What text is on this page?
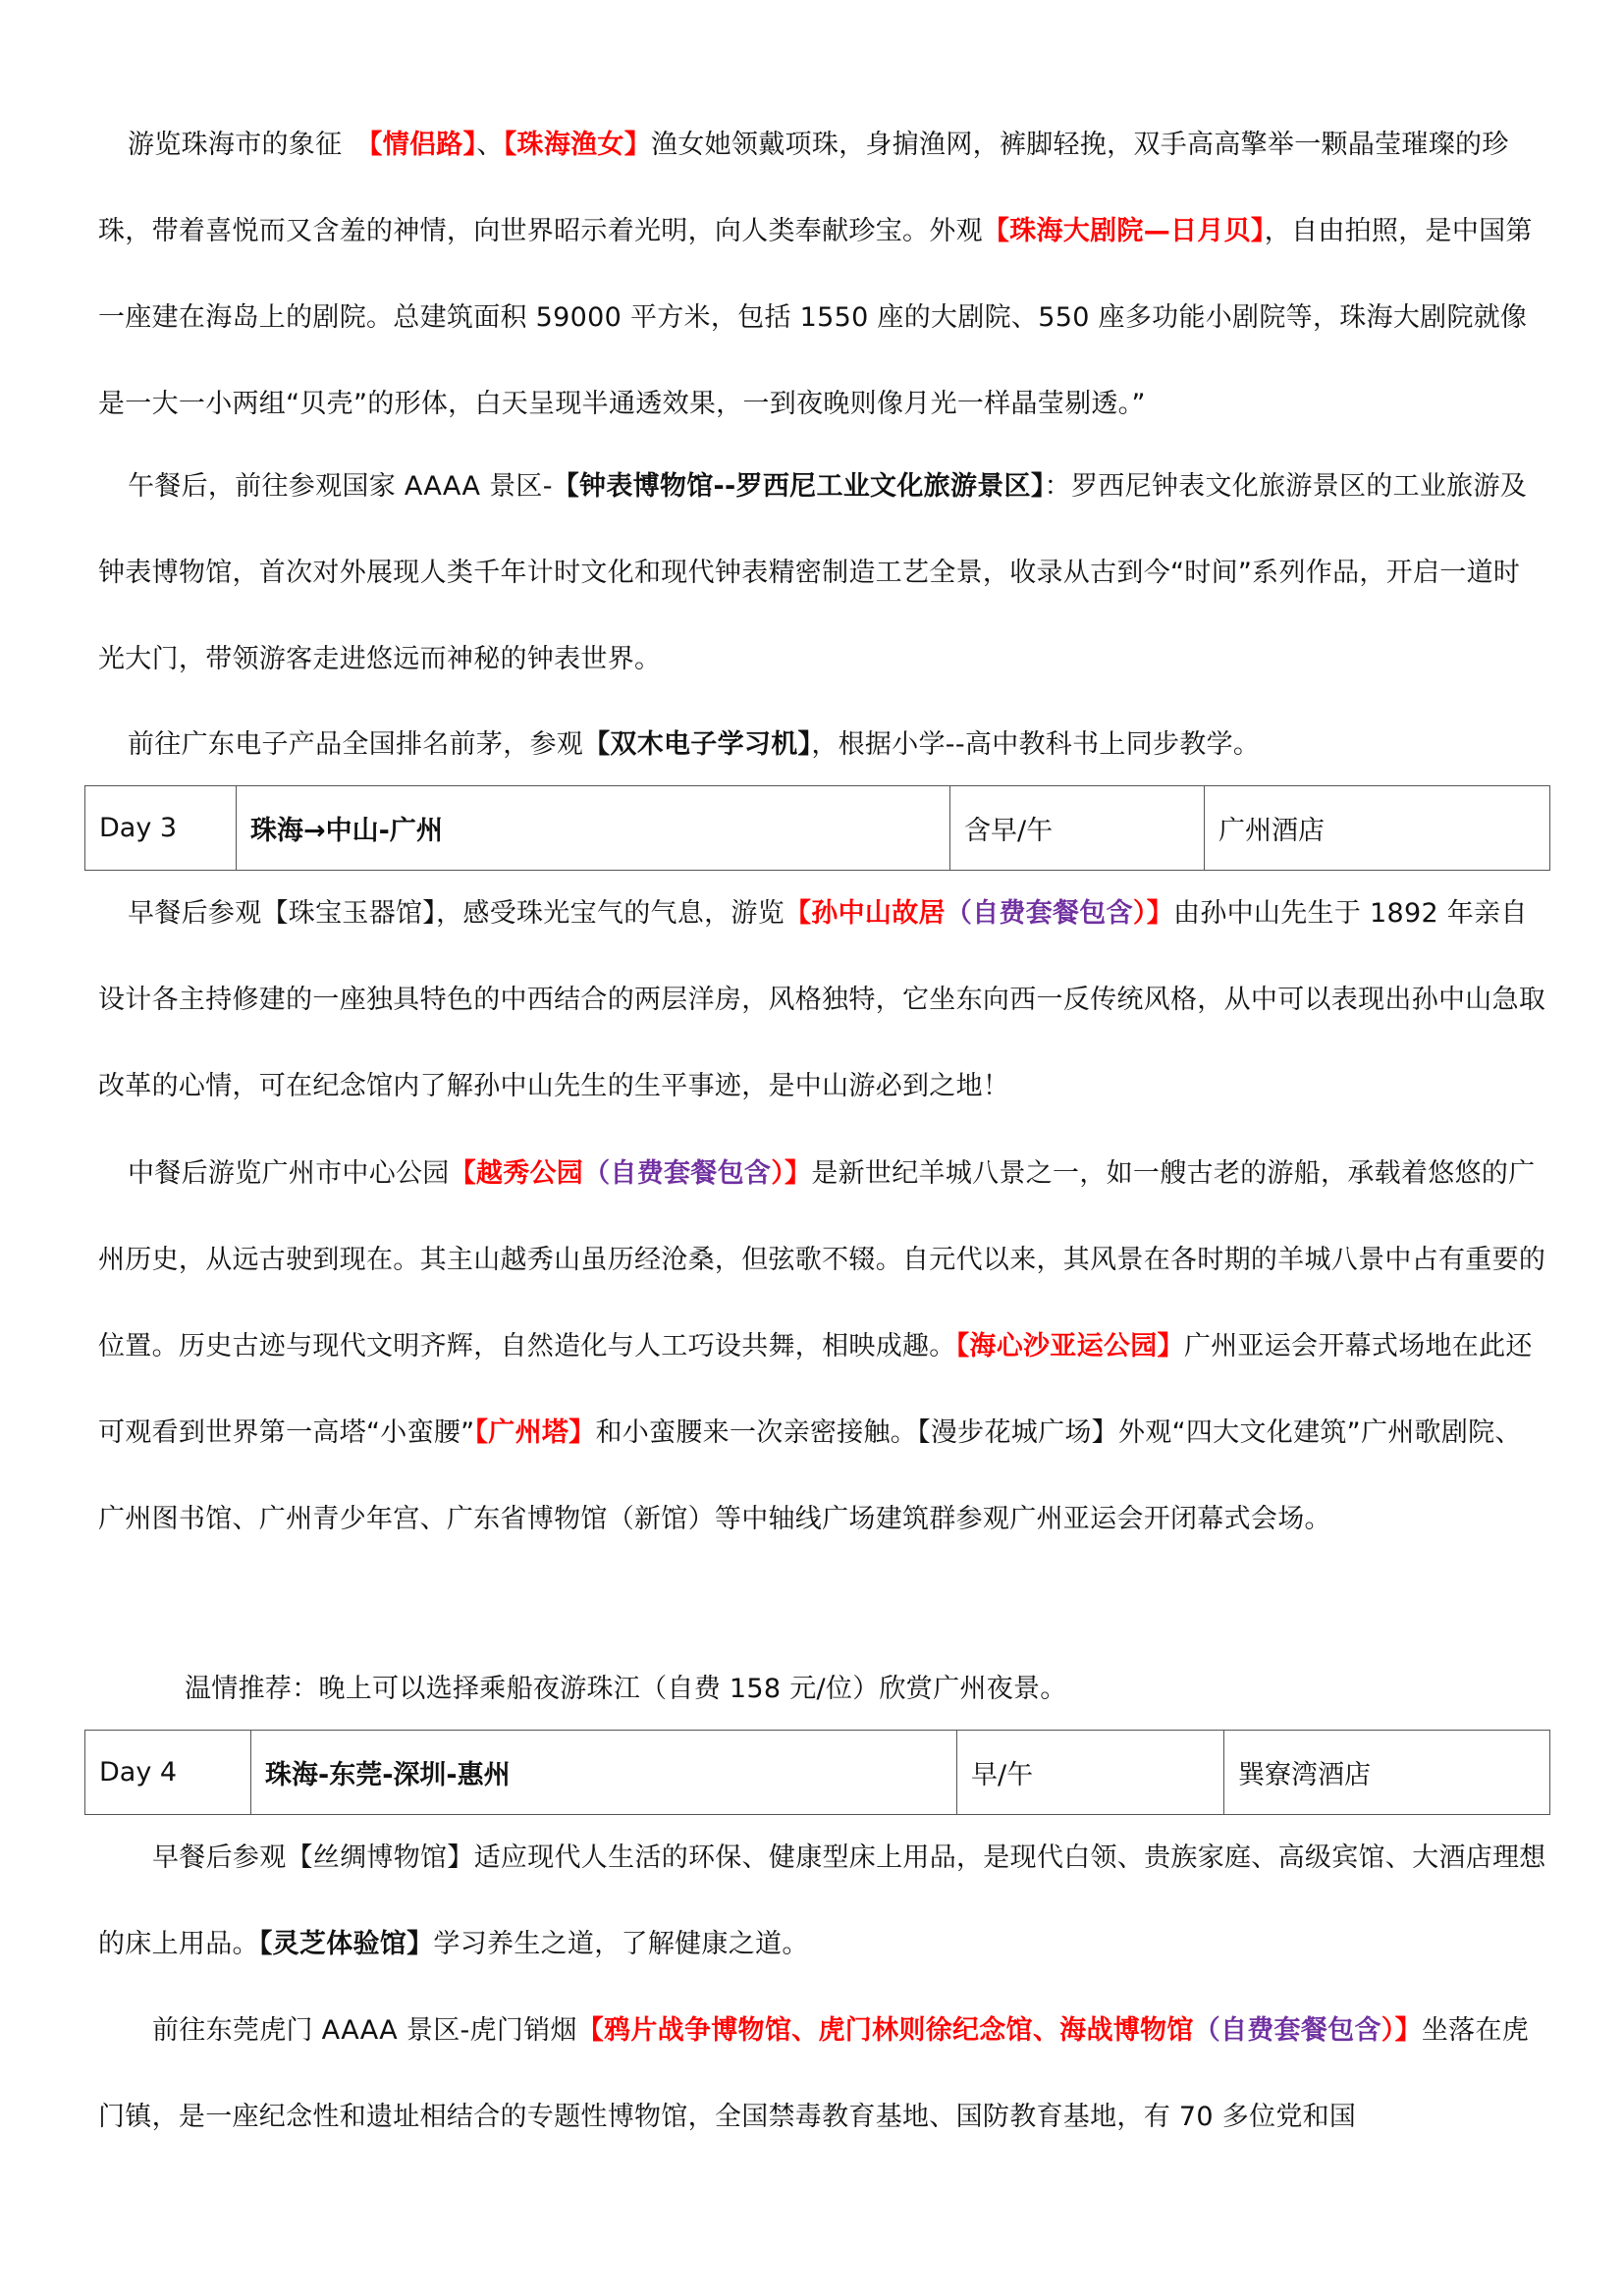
游览珠海市的象征 【情侣路】、【珠海渔女】渔女她领戴项珠，身掮渔网，裤脚轻挽，双手高高擎举一颗晶莹璀璨的珍珠，带着喜悦而又含羞的神情，向世界昭示着光明，向人类奉献珍宝。外观【珠海大剧院—日月贝】，自由拍照，是中国第一座建在海岛上的剧院。总建筑面积 59000 平方米，包括 1550 座的大剧院、550 座多功能小剧院等，珠海大剧院就像是一大一小两组“贝壳”的形体，白天呈现半通透效果，一到夜晚则像月光一样晶莹剔透。”

午餐后，前往参观国家 AAAA 景区-【钟表博物馆--罗西尼工业文化旅游景区】：罗西尼钟表文化旅游景区的工业旅游及钟表博物馆，首次对外展现人类千年计时文化和现代钟表精密制造工艺全景，收录从古到今“时间”系列作品，开启一道时光大门，带领游客走进悠远而神秘的钟表世界。

前往广东电子产品全国排名前茅，参观【双木电子学习机】，根据小学--高中教科书上同步教学。

Day 3	珠海→中山-广州	含早/午	广州酒店

早餐后参观【珠宝玉器馆】，感受珠光宝气的气息，游览【孙中山故居（自费套餐包含）】由孙中山先生于 1892 年亲自设计各主持修建的一座独具特色的中西结合的两层洋房，风格独特，它坐东向西一反传统风格，从中可以表现出孙中山急取改革的心情，可在纪念馆内了解孙中山先生的生平事迹，是中山游必到之地！

中餐后游览广州市中心公园【越秀公园（自费套餐包含）】是新世纪羊城八景之一，如一艘古老的游船，承载着悠悠的广州历史，从远古驶到现在。其主山越秀山虽历经沧桑，但弦歌不辍。自元代以来，其风景在各时期的羊城八景中占有重要的位置。历史古迹与现代文明齐辉，自然造化与人工巧设共舞，相映成趣。【海心沙亚运公园】广州亚运会开幕式场地在此还可观看到世界第一高塔“小蛮腰”【广州塔】和小蛮腰来一次亲密接触。【漫步花城广场】外观“四大文化建筑”广州歌剧院、广州图书馆、广州青少年宫、广东省博物馆（新馆）等中轴线广场建筑群参观广州亚运会开闭幕式会场。

温情推荐：晚上可以选择乘船夜游珠江（自费 158 元/位）欣赏广州夜景。

Day 4	珠海-东莞-深圳-惠州	早/午	巽寮湾酒店

早餐后参观【丝绸博物馆】适应现代人生活的环保、健康型床上用品，是现代白领、贵族家庭、高级宾馆、大酒店理想的床上用品。【灵芝体验馆】学习养生之道，了解健康之道。

前往东莞虎门 AAAA 景区-虎门销烟【鸦片战争博物馆、虎门林则徐纪念馆、海战博物馆（自费套餐包含）】坐落在虎门镇，是一座纪念性和遗址相结合的专题性博物馆，全国禁毒教育基地、国防教育基地，有 70 多位党和国
